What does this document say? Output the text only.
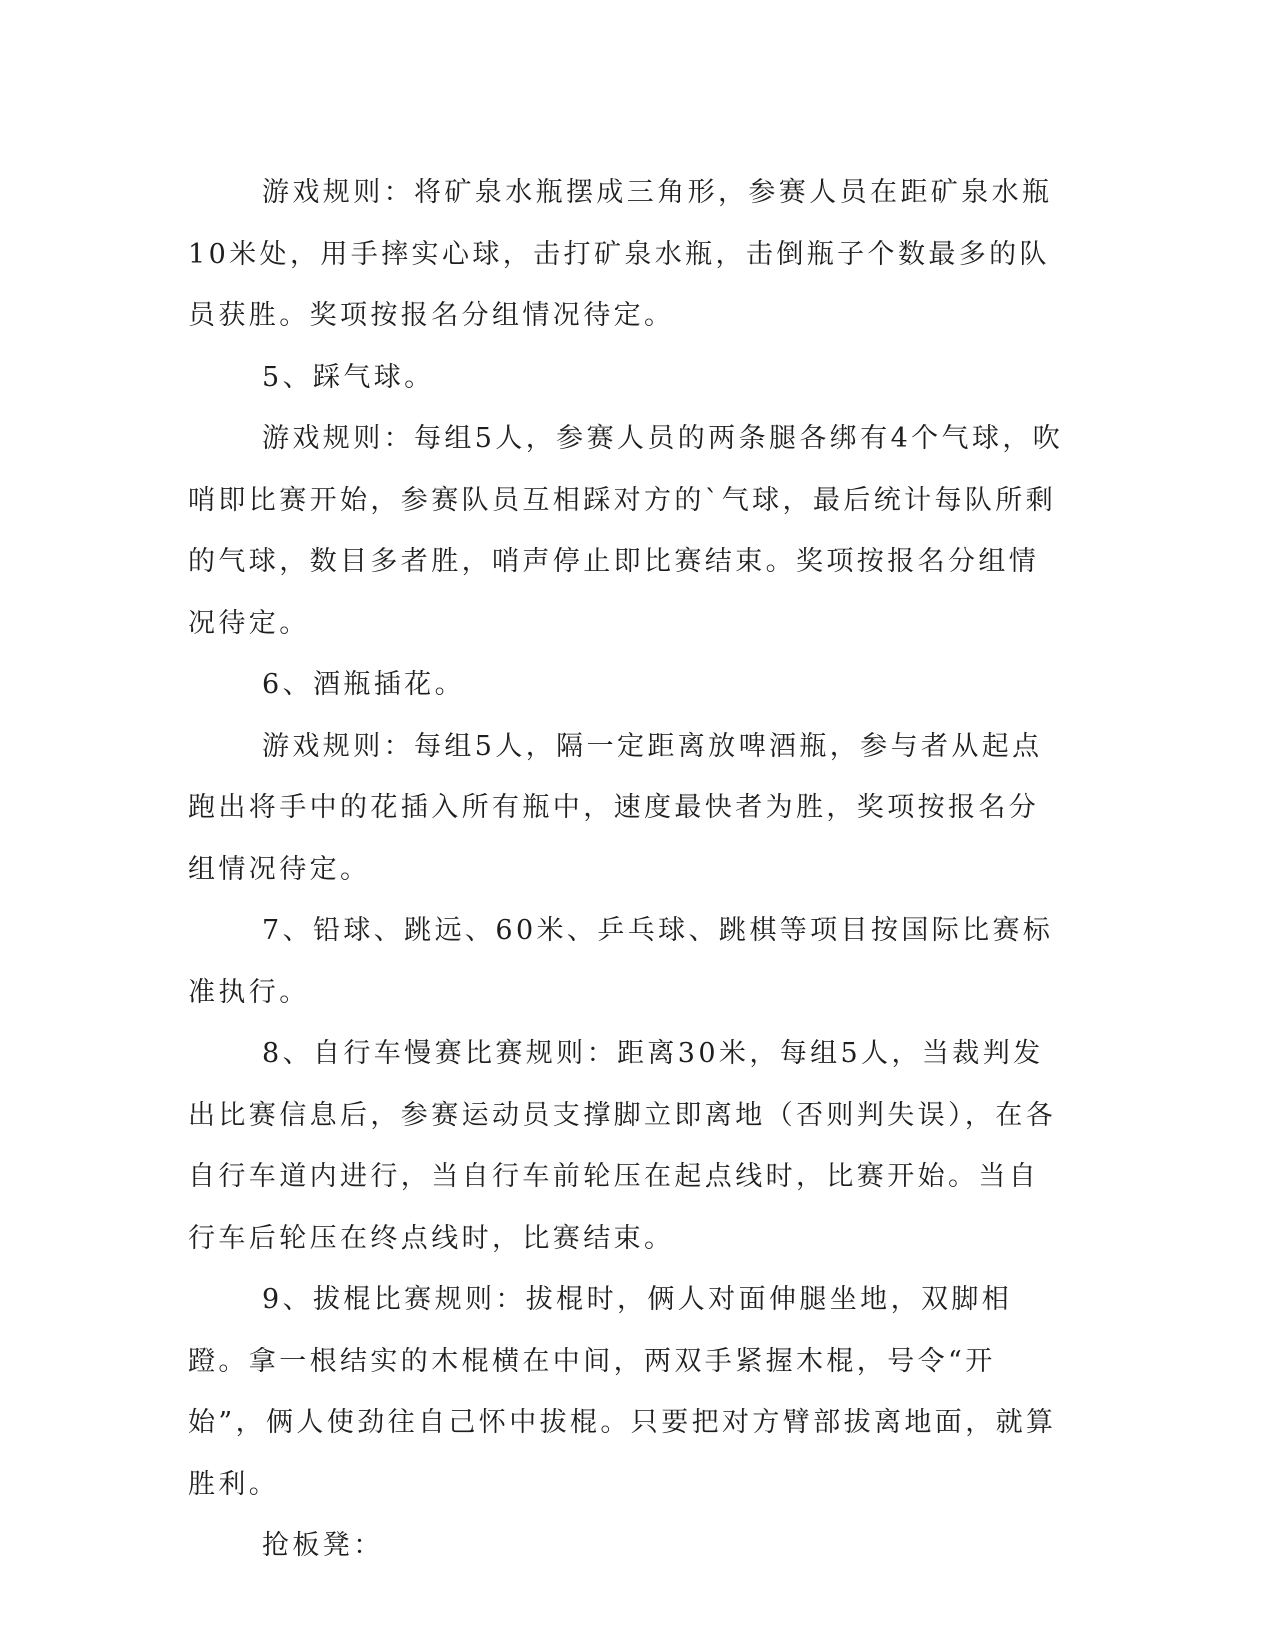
游戏规则：将矿泉水瓶摆成三角形，参赛人员在距矿泉水瓶10米处，用手摔实心球，击打矿泉水瓶，击倒瓶子个数最多的队员获胜。奖项按报名分组情况待定。

5、踩气球。

游戏规则：每组5人，参赛人员的两条腿各绑有4个气球，吹哨即比赛开始，参赛队员互相踩对方的`气球，最后统计每队所剩的气球，数目多者胜，哨声停止即比赛结束。奖项按报名分组情况待定。

6、酒瓶插花。

游戏规则：每组5人，隔一定距离放啤酒瓶，参与者从起点跑出将手中的花插入所有瓶中，速度最快者为胜，奖项按报名分组情况待定。

7、铅球、跳远、60米、乒乓球、跳棋等项目按国际比赛标准执行。

8、自行车慢赛比赛规则：距离30米，每组5人，当裁判发出比赛信息后，参赛运动员支撑脚立即离地（否则判失误），在各自行车道内进行，当自行车前轮压在起点线时，比赛开始。当自行车后轮压在终点线时，比赛结束。

9、拔棍比赛规则：拔棍时，俩人对面伸腿坐地，双脚相蹬。拿一根结实的木棍横在中间，两双手紧握木棍，号令“开始”，俩人使劲往自己怀中拔棍。只要把对方臂部拔离地面，就算胜利。

抢板凳：
